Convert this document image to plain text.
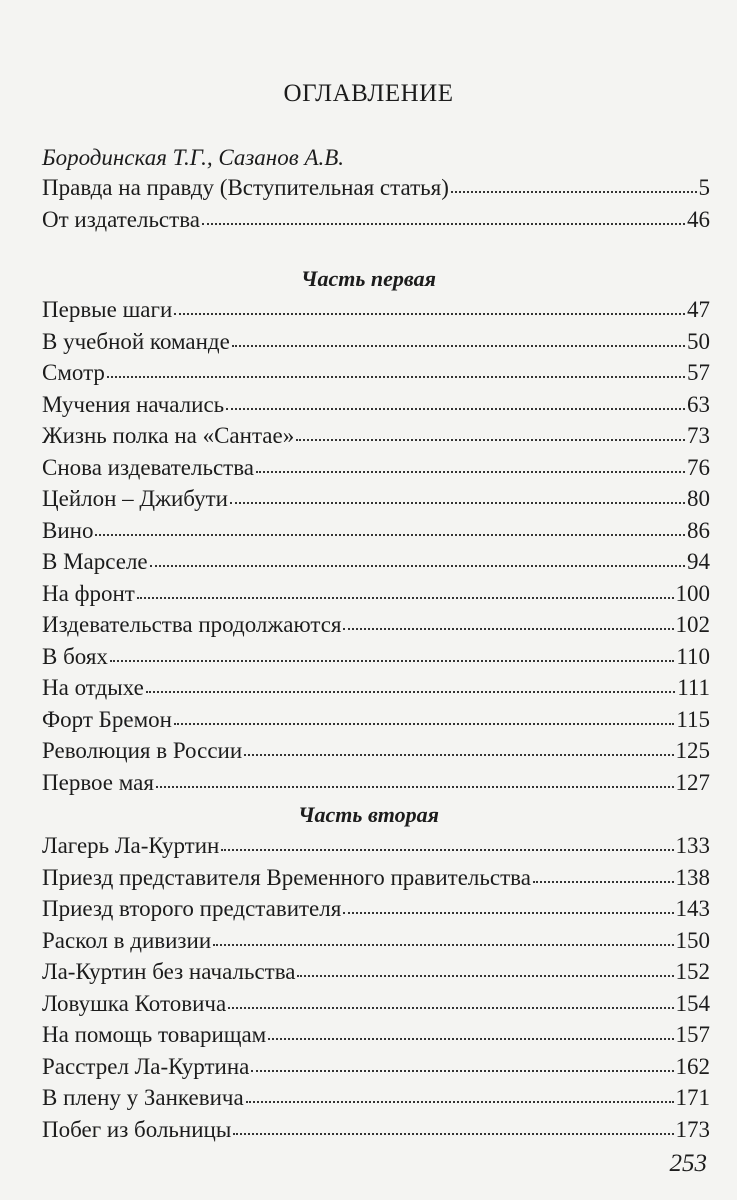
ОГЛАВЛЕНИЕ
Бородинская Т.Г., Сазанов А.В.
Правда на правду (Вступительная статья)	5
От издательства	46
Часть первая
Первые шаги	47
В учебной команде	50
Смотр	57
Мучения начались	63
Жизнь полка на «Сантае»	73
Снова издевательства	76
Цейлон – Джибути	80
Вино	86
В Марселе	94
На фронт	100
Издевательства продолжаются	102
В боях	110
На отдыхе	111
Форт Бремон	115
Революция в России	125
Первое мая	127
Часть вторая
Лагерь Ла-Куртин	133
Приезд представителя Временного правительства	138
Приезд второго представителя	143
Раскол в дивизии	150
Ла-Куртин без начальства	152
Ловушка Котовича	154
На помощь товарищам	157
Расстрел Ла-Куртина	162
В плену у Занкевича	171
Побег из больницы	173
253
